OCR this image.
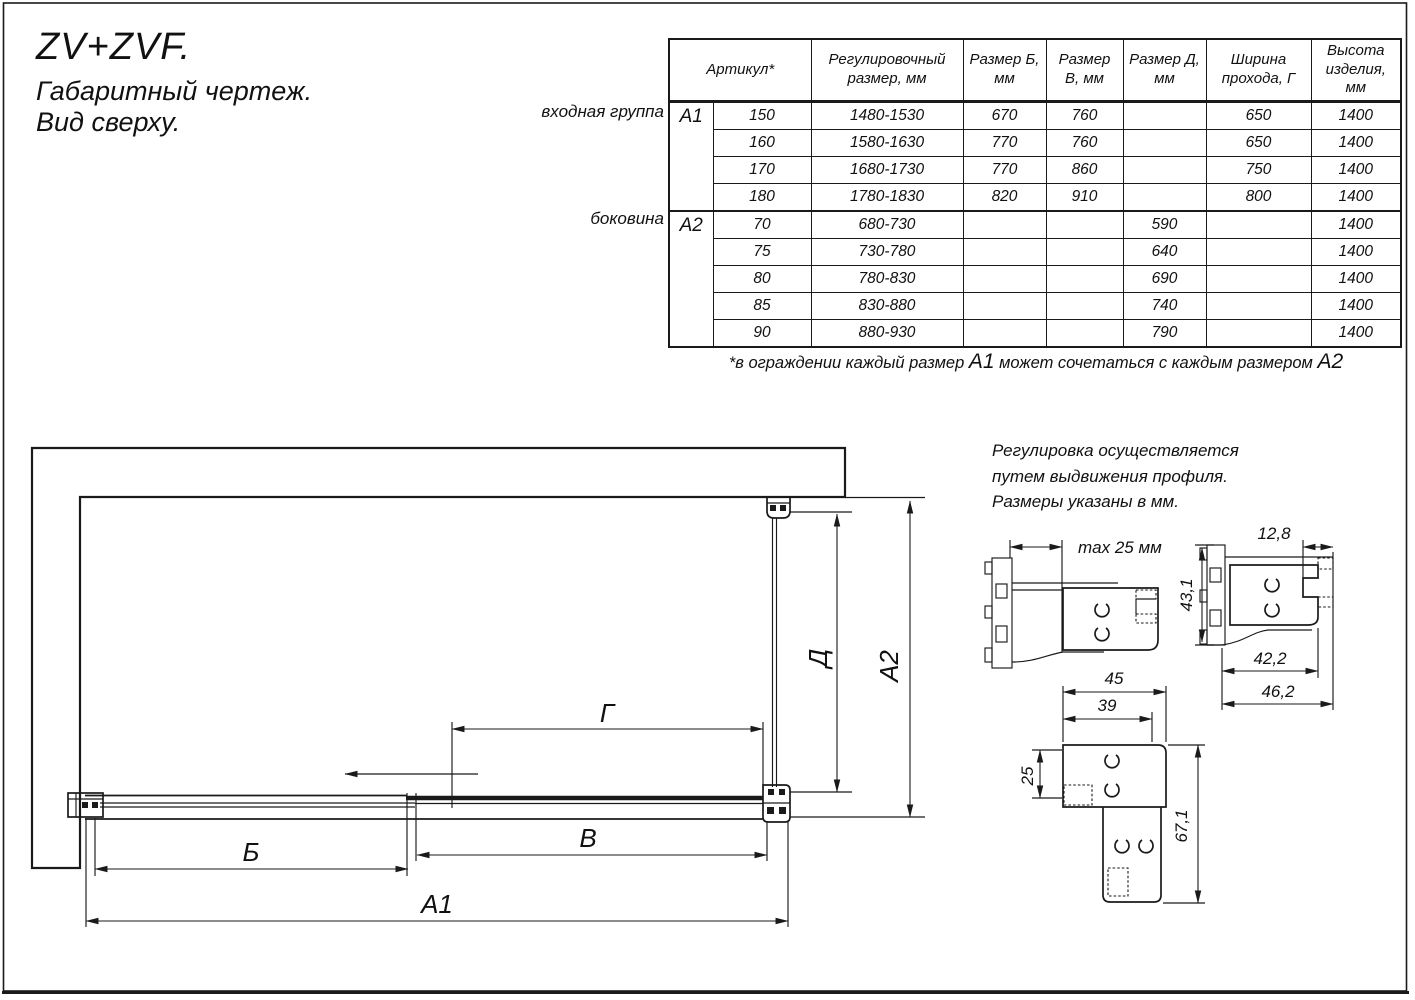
Б	В
А1
Г
Д А2
max 25 мм
12,8
43,1
42,2
46,2
45
39
25
67,1
ZV+ZVF.
Габаритный чертеж.
Вид сверху.	входная группа
боковина
Артикул*		Регулировочный размер, мм	Размер Б, мм	Размер В, мм	Размер Д, мм	Ширина прохода, Г	Высота изделия, мм
А1	150	1480-1530	670	760		650	1400
	160	1580-1630	770	760		650	1400
	170	1680-1730	770	860		750	1400
	180	1780-1830	820	910		800	1400
А2	70	680-730			590		1400
	75	730-780			640		1400
	80	780-830			690		1400
	85	830-880			740		1400
	90	880-930			790		1400
*в ограждении каждый размер А1 может сочетаться с каждым размером А2
Регулировка осуществляется
путем выдвижения профиля.
Размеры указаны в мм.
